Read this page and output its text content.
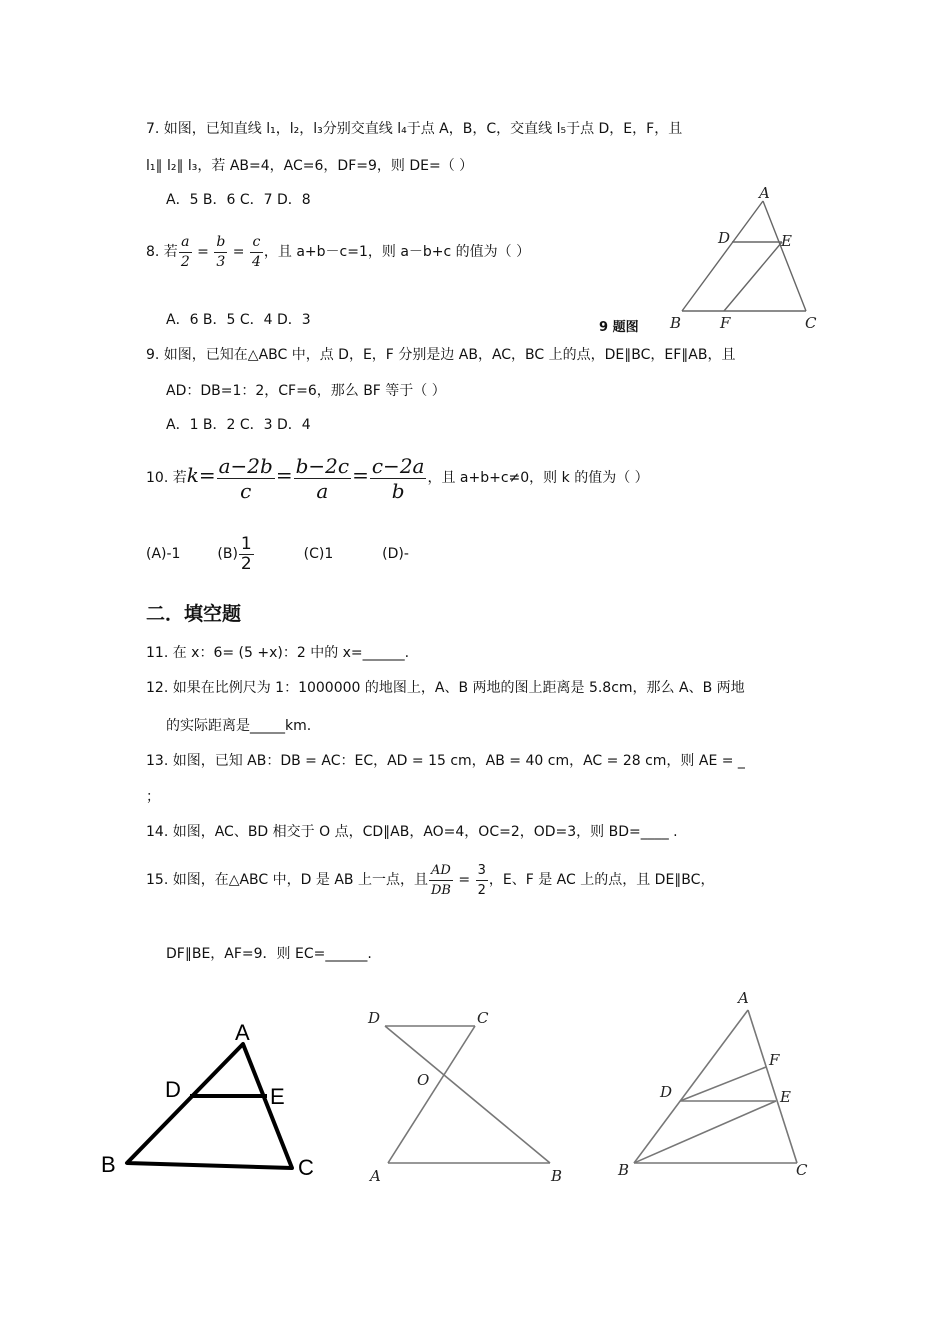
7. 如图，已知直线 l₁，l₂，l₃分别交直线 l₄于点 A，B，C，交直线 l₅于点 D，E，F，且
l₁∥ l₂∥ l₃，若 AB=4，AC=6，DF=9，则 DE=（ ）
A．5 B．6 C．7 D．8
8. 若 $\frac{a}{2} = \frac{b}{3} = \frac{c}{4}$ ，且 a+b－c=1，则 a－b+c 的值为（ ）
A．6 B．5 C．4 D．3
A
D	E
B	F	C
9 题图
9. 如图，已知在△ABC 中，点 D，E，F 分别是边 AB，AC，BC 上的点，DE∥BC，EF∥AB，且
AD：DB=1：2，CF=6，那么 BF 等于（ ）
A．1 B．2 C．3 D．4
10. 若$k= \frac{a-2b}{c} = \frac{b-2c}{a} = \frac{c-2a}{b}$ ，且 a+b+c≠0，则 k 的值为（ ）
(A)-1	$(B) \frac{1}{2}$	(C)1	(D)-
二．填空题
11. 在 x：6= (5 +x)：2 中的 x=______.
12. 如果在比例尺为 1：1000000 的地图上，A、B 两地的图上距离是 5.8cm，那么 A、B 两地
的实际距离是_____km.
13. 如图，已知 AB：DB = AC：EC，AD = 15 cm，AB = 40 cm，AC = 28 cm，则 AE = _
；
14. 如图，AC、BD 相交于 O 点，CD∥AB，AO=4，OC=2，OD=3，则 BD=____ .
15. 如图，在△ABC 中，D 是 AB 上一点，且 $\frac{AD}{DB} = \frac{3}{2}$ ，E、F 是 AC 上的点，且 DE∥BC，
DF∥BE，AF=9．则 EC=______.
A
D	E
B	C
D	C
O
A	B
A
F
D	E
B	C
